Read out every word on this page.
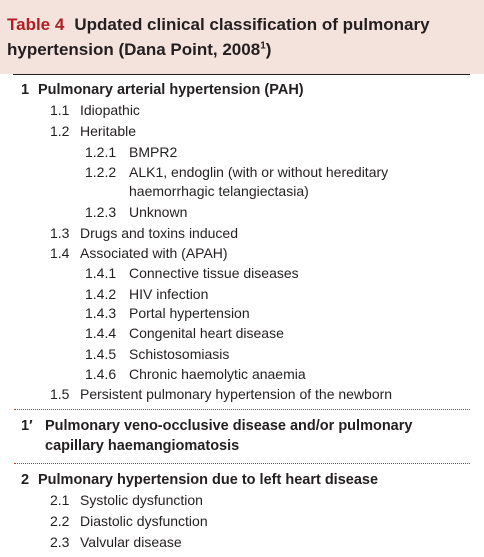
Table 4 Updated clinical classification of pulmonary hypertension (Dana Point, 2008$^1$)
1 Pulmonary arterial hypertension (PAH)
1.1 Idiopathic
1.2 Heritable
1.2.1 BMPR2
1.2.2 ALK1, endoglin (with or without hereditary
haemorrhagic telangiectasia)
1.2.3 Unknown
1.3 Drugs and toxins induced
1.4 Associated with (APAH)
1.4.1 Connective tissue diseases
1.4.2 HIV infection
1.4.3 Portal hypertension
1.4.4 Congenital heart disease
1.4.5 Schistosomiasis
1.4.6 Chronic haemolytic anaemia
1.5 Persistent pulmonary hypertension of the newborn
1′ Pulmonary veno-occlusive disease and/or pulmonary
capillary haemangiomatosis
2 Pulmonary hypertension due to left heart disease
2.1 Systolic dysfunction
2.2 Diastolic dysfunction
2.3 Valvular disease
